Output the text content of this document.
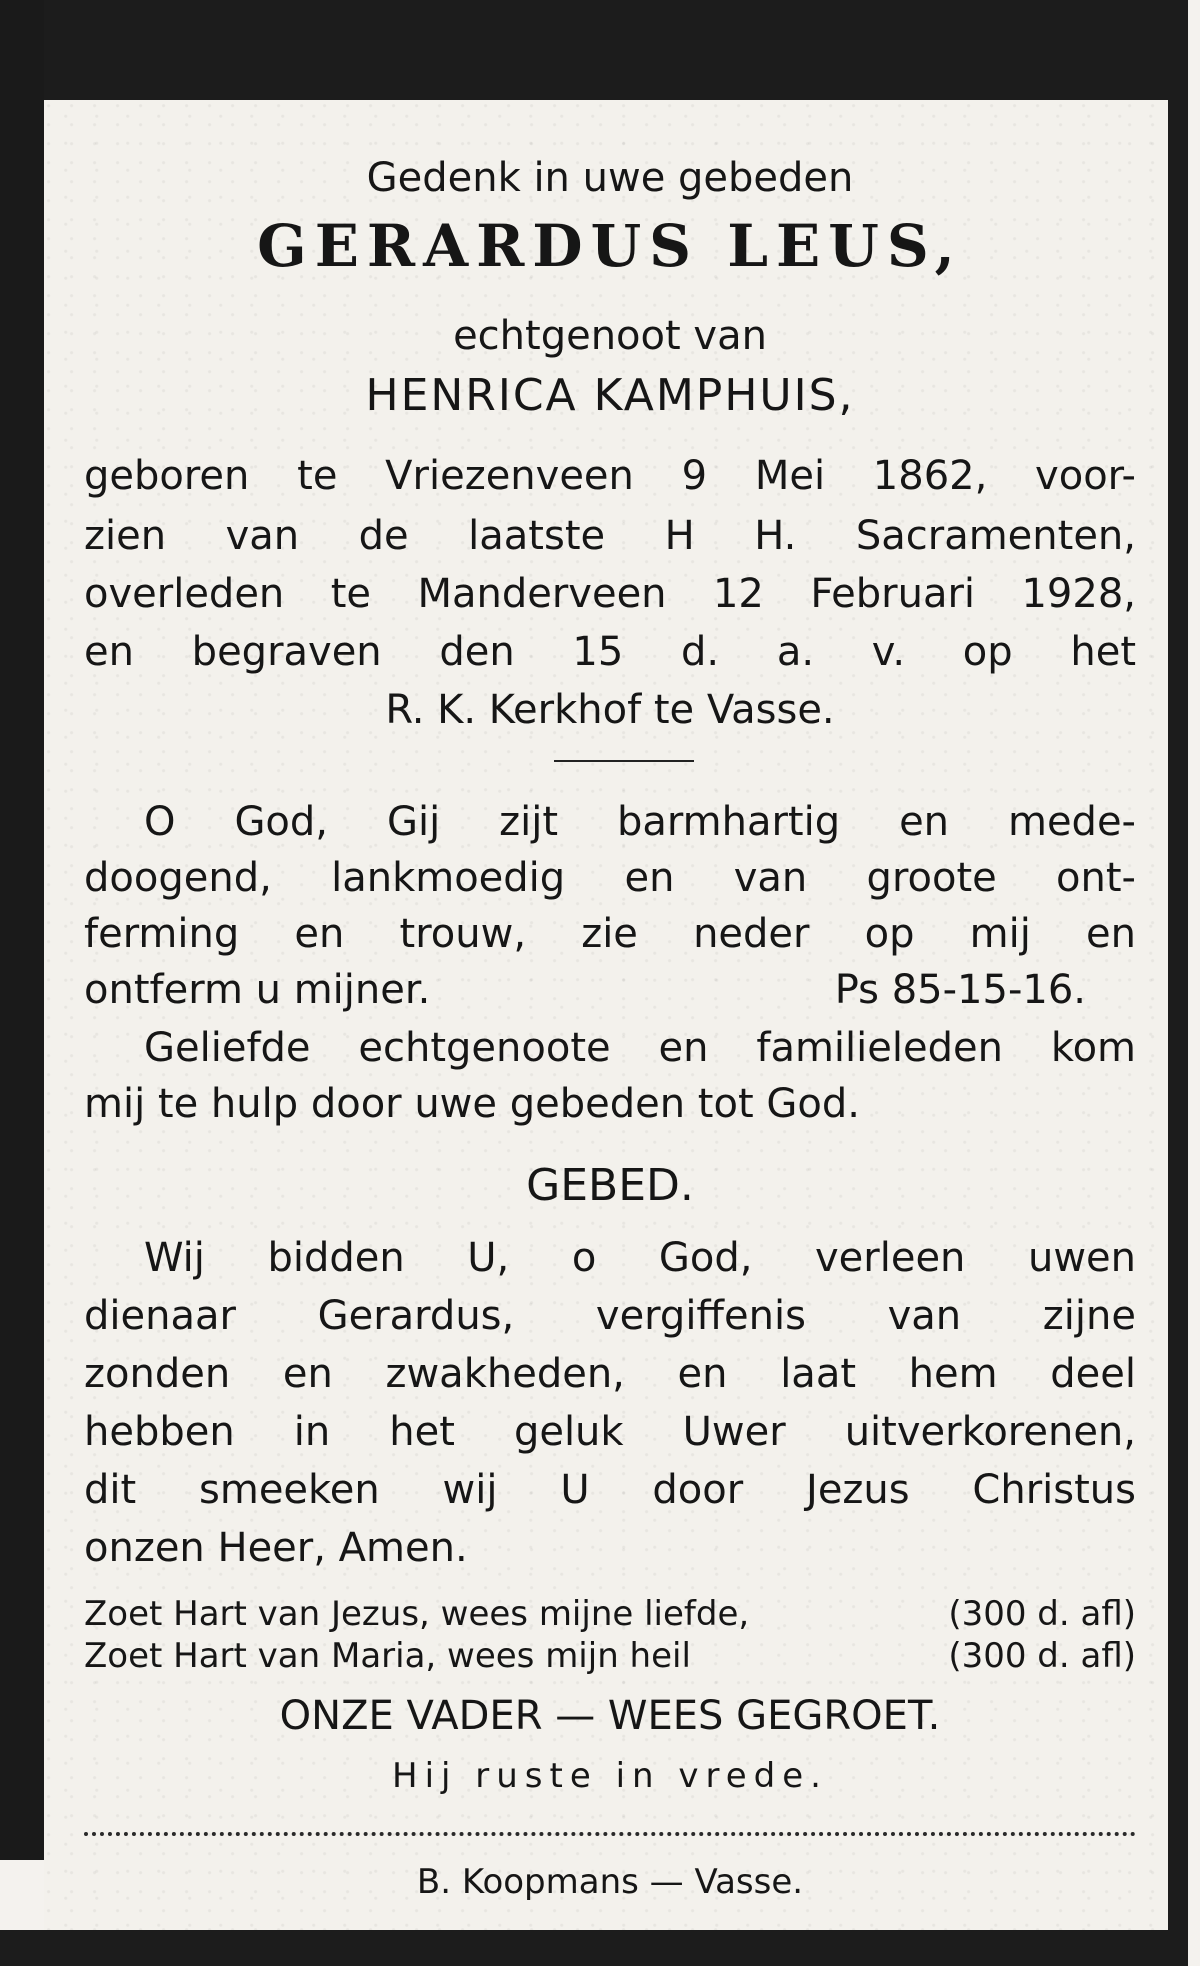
Gedenk in uwe gebeden
GERARDUS LEUS,
echtgenoot van
HENRICA KAMPHUIS,
geboren te Vriezenveen 9 Mei 1862, voor-
zien van de laatste H H. Sacramenten,
overleden te Manderveen 12 Februari 1928,
en begraven den 15 d. a. v. op het
R. K. Kerkhof te Vasse.
O God, Gij zijt barmhartig en mede-
doogend, lankmoedig en van groote ont-
ferming en trouw, zie neder op mij en
ontferm u mijner.	Ps 85-15-16.
Geliefde echtgenoote en familieleden kom
mij te hulp door uwe gebeden tot God.
GEBED.
Wij bidden U, o God, verleen uwen
dienaar Gerardus, vergiffenis van zijne
zonden en zwakheden, en laat hem deel
hebben in het geluk Uwer uitverkorenen,
dit smeeken wij U door Jezus Christus
onzen Heer, Amen.
Zoet Hart van Jezus, wees mijne liefde,	(300 d. afl)
Zoet Hart van Maria, wees mijn heil	(300 d. afl)
ONZE VADER — WEES GEGROET.
Hij ruste in vrede.
B. Koopmans — Vasse.
